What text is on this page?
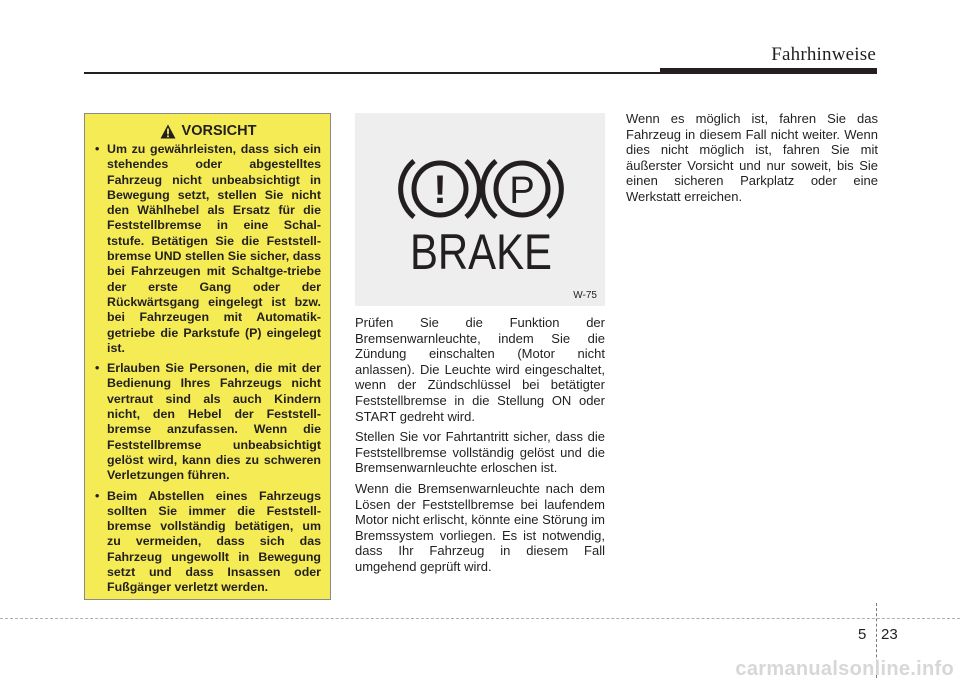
Fahrhinweise
VORSICHT
• Um zu gewährleisten, dass sich ein stehendes oder abgestelltes Fahrzeug nicht unbeabsichtigt in Bewegung setzt, stellen Sie nicht den Wählhebel als Ersatz für die Feststellbremse in eine Schal-tstufe. Betätigen Sie die Feststell-bremse UND stellen Sie sicher, dass bei Fahrzeugen mit Schaltge-triebe der erste Gang oder der Rückwärtsgang eingelegt ist bzw. bei Fahrzeugen mit Automatik-getriebe die Parkstufe (P) eingelegt ist.
• Erlauben Sie Personen, die mit der Bedienung Ihres Fahrzeugs nicht vertraut sind als auch Kindern nicht, den Hebel der Feststell-bremse anzufassen. Wenn die Feststellbremse unbeabsichtigt gelöst wird, kann dies zu schweren Verletzungen führen.
• Beim Abstellen eines Fahrzeugs sollten Sie immer die Feststell-bremse vollständig betätigen, um zu vermeiden, dass sich das Fahrzeug ungewollt in Bewegung setzt und dass Insassen oder Fußgänger verletzt werden.
! P
BRAKE
W-75

Prüfen Sie die Funktion der Bremsenwarnleuchte, indem Sie die Zündung einschalten (Motor nicht anlassen). Die Leuchte wird eingeschaltet, wenn der Zündschlüssel bei betätigter Feststellbremse in die Stellung ON oder START gedreht wird.

Stellen Sie vor Fahrtantritt sicher, dass die Feststellbremse vollständig gelöst und die Bremsenwarnleuchte erloschen ist.

Wenn die Bremsenwarnleuchte nach dem Lösen der Feststellbremse bei laufendem Motor nicht erlischt, könnte eine Störung im Bremssystem vorliegen. Es ist notwendig, dass Ihr Fahrzeug in diesem Fall umgehend geprüft wird.

Wenn es möglich ist, fahren Sie das Fahrzeug in diesem Fall nicht weiter. Wenn dies nicht möglich ist, fahren Sie mit äußerster Vorsicht und nur soweit, bis Sie einen sicheren Parkplatz oder eine Werkstatt erreichen.

5 23
carmanualsonline.info
